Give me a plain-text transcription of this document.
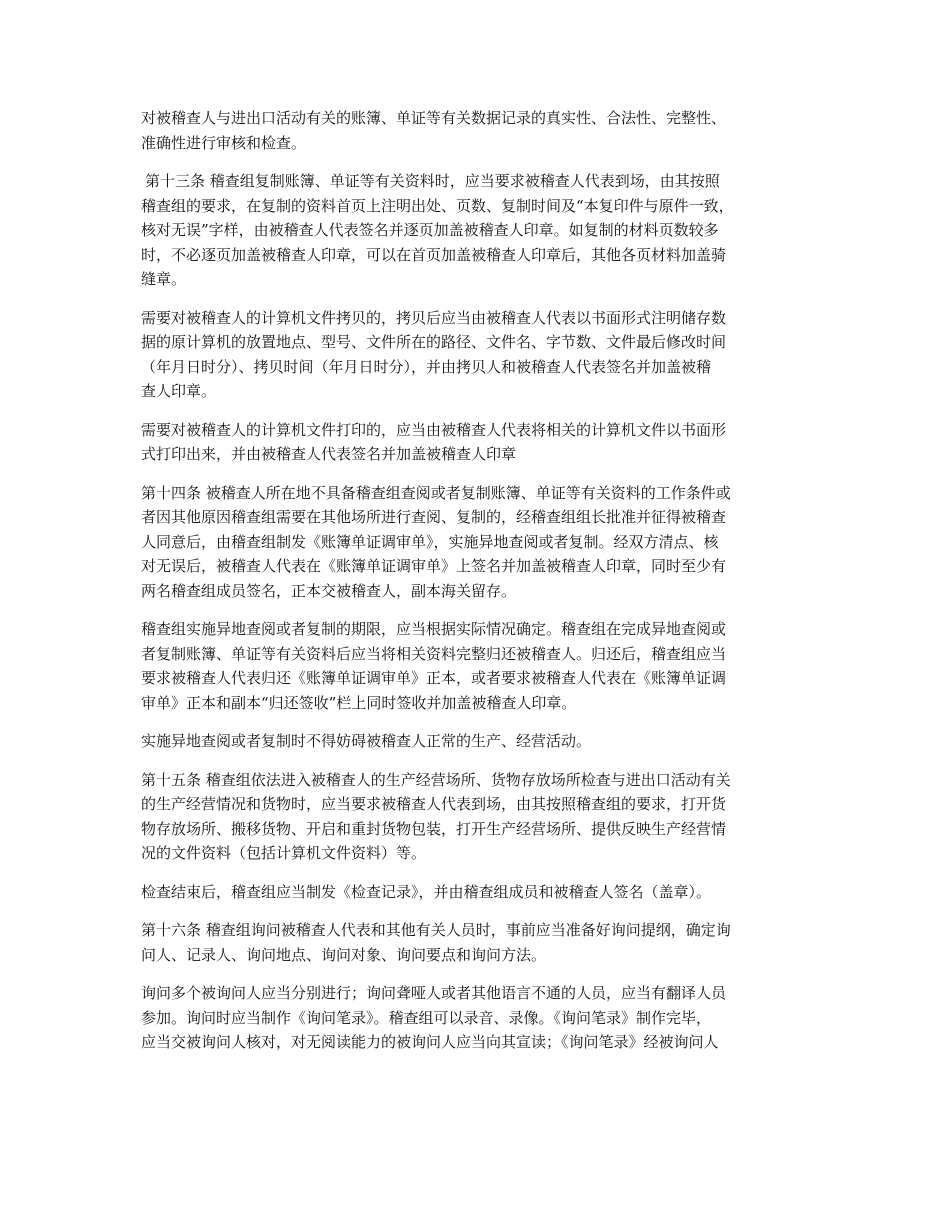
对被稽查人与进出口活动有关的账簿、单证等有关数据记录的真实性、合法性、完整性、
准确性进行审核和检查。

第十三条 稽查组复制账簿、单证等有关资料时，应当要求被稽查人代表到场，由其按照
稽查组的要求，在复制的资料首页上注明出处、页数、复制时间及“本复印件与原件一致，
核对无误”字样，由被稽查人代表签名并逐页加盖被稽查人印章。如复制的材料页数较多
时，不必逐页加盖被稽查人印章，可以在首页加盖被稽查人印章后，其他各页材料加盖骑
缝章。

需要对被稽查人的计算机文件拷贝的，拷贝后应当由被稽查人代表以书面形式注明储存数
据的原计算机的放置地点、型号、文件所在的路径、文件名、字节数、文件最后修改时间
（年月日时分）、拷贝时间（年月日时分），并由拷贝人和被稽查人代表签名并加盖被稽
查人印章。

需要对被稽查人的计算机文件打印的，应当由被稽查人代表将相关的计算机文件以书面形
式打印出来，并由被稽查人代表签名并加盖被稽查人印章

第十四条 被稽查人所在地不具备稽查组查阅或者复制账簿、单证等有关资料的工作条件或
者因其他原因稽查组需要在其他场所进行查阅、复制的，经稽查组组长批准并征得被稽查
人同意后，由稽查组制发《账簿单证调审单》，实施异地查阅或者复制。经双方清点、核
对无误后，被稽查人代表在《账簿单证调审单》上签名并加盖被稽查人印章，同时至少有
两名稽查组成员签名，正本交被稽查人，副本海关留存。

稽查组实施异地查阅或者复制的期限，应当根据实际情况确定。稽查组在完成异地查阅或
者复制账簿、单证等有关资料后应当将相关资料完整归还被稽查人。归还后，稽查组应当
要求被稽查人代表归还《账簿单证调审单》正本，或者要求被稽查人代表在《账簿单证调
审单》正本和副本“归还签收”栏上同时签收并加盖被稽查人印章。

实施异地查阅或者复制时不得妨碍被稽查人正常的生产、经营活动。

第十五条 稽查组依法进入被稽查人的生产经营场所、货物存放场所检查与进出口活动有关
的生产经营情况和货物时，应当要求被稽查人代表到场，由其按照稽查组的要求，打开货
物存放场所、搬移货物、开启和重封货物包装，打开生产经营场所、提供反映生产经营情
况的文件资料（包括计算机文件资料）等。

检查结束后，稽查组应当制发《检查记录》，并由稽查组成员和被稽查人签名（盖章）。

第十六条 稽查组询问被稽查人代表和其他有关人员时，事前应当准备好询问提纲，确定询
问人、记录人、询问地点、询问对象、询问要点和询问方法。

询问多个被询问人应当分别进行；询问聋哑人或者其他语言不通的人员，应当有翻译人员
参加。询问时应当制作《询问笔录》。稽查组可以录音、录像。《询问笔录》制作完毕，
应当交被询问人核对，对无阅读能力的被询问人应当向其宣读；《询问笔录》经被询问人
